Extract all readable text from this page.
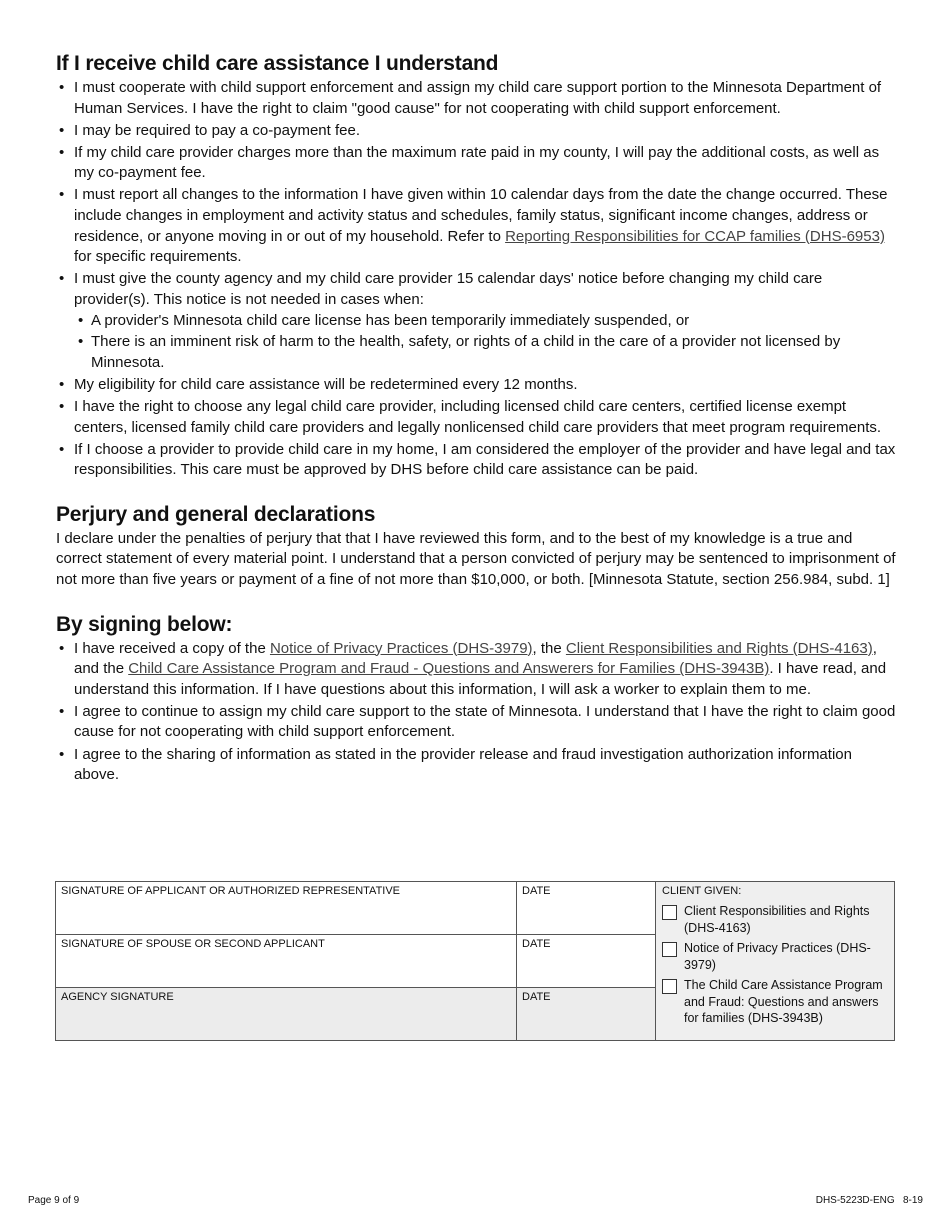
If I receive child care assistance I understand
• I must cooperate with child support enforcement and assign my child care support portion to the Minnesota Department of Human Services. I have the right to claim "good cause" for not cooperating with child support enforcement.
• I may be required to pay a co-payment fee.
• If my child care provider charges more than the maximum rate paid in my county, I will pay the additional costs, as well as my co-payment fee.
• I must report all changes to the information I have given within 10 calendar days from the date the change occurred. These include changes in employment and activity status and schedules, family status, significant income changes, address or residence, or anyone moving in or out of my household. Refer to Reporting Responsibilities for CCAP families (DHS-6953) for specific requirements.
• I must give the county agency and my child care provider 15 calendar days' notice before changing my child care provider(s). This notice is not needed in cases when:
• A provider's Minnesota child care license has been temporarily immediately suspended, or
• There is an imminent risk of harm to the health, safety, or rights of a child in the care of a provider not licensed by Minnesota.
• My eligibility for child care assistance will be redetermined every 12 months.
• I have the right to choose any legal child care provider, including licensed child care centers, certified license exempt centers, licensed family child care providers and legally nonlicensed child care providers that meet program requirements.
• If I choose a provider to provide child care in my home, I am considered the employer of the provider and have legal and tax responsibilities. This care must be approved by DHS before child care assistance can be paid.
Perjury and general declarations

I declare under the penalties of perjury that that I have reviewed this form, and to the best of my knowledge is a true and correct statement of every material point. I understand that a person convicted of perjury may be sentenced to imprisonment of not more than five years or payment of a fine of not more than $10,000, or both. [Minnesota Statute, section 256.984, subd. 1]

By signing below:
• I have received a copy of the Notice of Privacy Practices (DHS-3979), the Client Responsibilities and Rights (DHS-4163), and the Child Care Assistance Program and Fraud - Questions and Answerers for Families (DHS-3943B). I have read, and understand this information. If I have questions about this information, I will ask a worker to explain them to me.
• I agree to continue to assign my child care support to the state of Minnesota. I understand that I have the right to claim good cause for not cooperating with child support enforcement.
• I agree to the sharing of information as stated in the provider release and fraud investigation authorization information above.
SIGNATURE OF APPLICANT OR AUTHORIZED REPRESENTATIVE	DATE	CLIENT GIVEN:
Client Responsibilities and Rights (DHS-4163)
Notice of Privacy Practices (DHS-3979)
The Child Care Assistance Program and Fraud: Questions and answers for families (DHS-3943B)

SIGNATURE OF SPOUSE OR SECOND APPLICANT	DATE	
AGENCY SIGNATURE	DATE	
Page 9 of 9	DHS-5223D-ENG   8-19
